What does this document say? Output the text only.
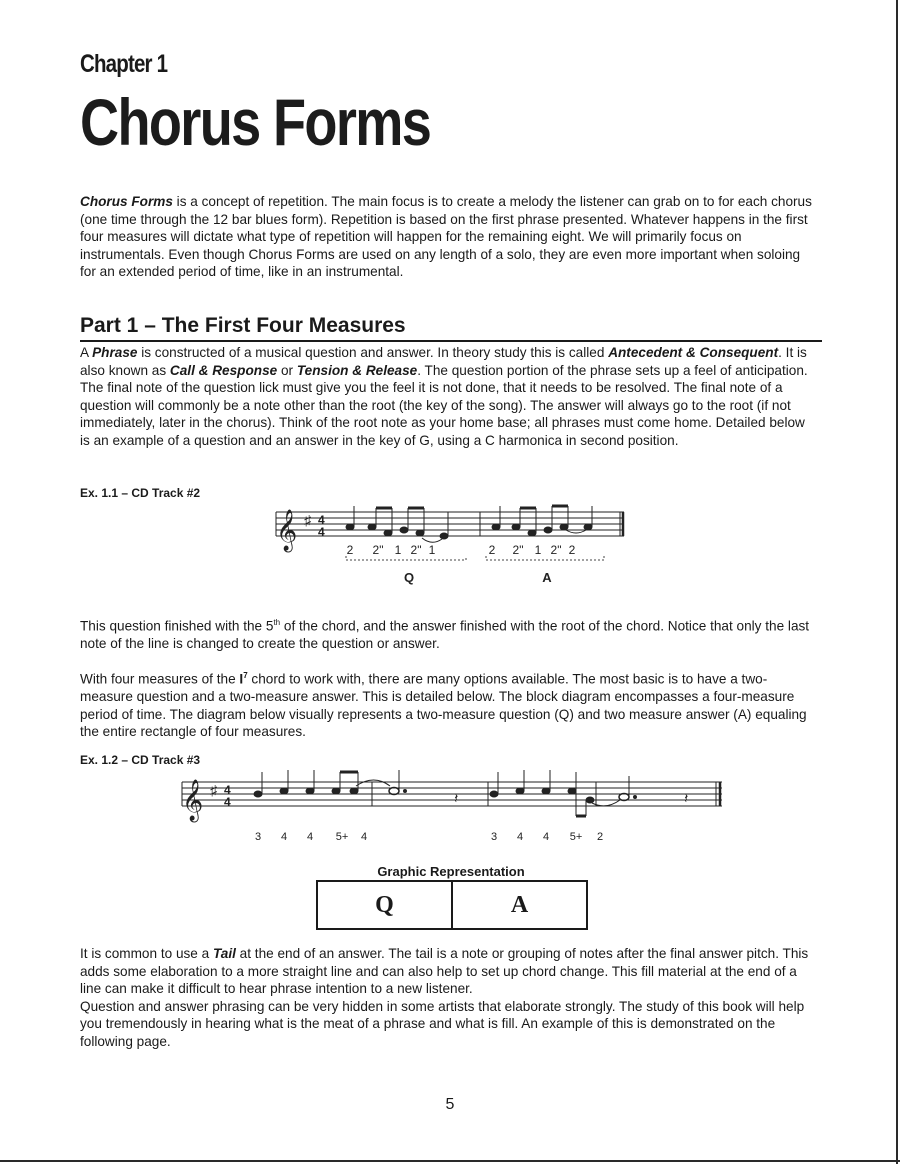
Chapter 1
Chorus Forms

Chorus Forms is a concept of repetition. The main focus is to create a melody the listener can grab on to for each chorus (one time through the 12 bar blues form). Repetition is based on the first phrase presented. Whatever happens in the first four measures will dictate what type of repetition will happen for the remaining eight. We will primarily focus on instrumentals. Even though Chorus Forms are used on any length of a solo, they are even more important when soloing for an extended period of time, like in an instrumental.

Part 1 – The First Four Measures

A Phrase is constructed of a musical question and answer. In theory study this is called Antecedent & Consequent. It is also known as Call & Response or Tension & Release. The question portion of the phrase sets up a feel of anticipation. The final note of the question lick must give you the feel it is not done, that it needs to be resolved. The final note of a question will commonly be a note other than the root (the key of the song). The answer will always go to the root (if not immediately, later in the chorus). Think of the root note as your home base; all phrases must come home. Detailed below is an example of a question and an answer in the key of G, using a C harmonica in second position.

Ex. 1.1 – CD Track #2
𝄞 ♯ 4
4
2 2" 1 2" 1	2 2" 1 2" 2
Q	A

This question finished with the 5th of the chord, and the answer finished with the root of the chord. Notice that only the last note of the line is changed to create the question or answer.

With four measures of the $I^7$ chord to work with, there are many options available. The most basic is to have a two-measure question and a two-measure answer. This is detailed below. The block diagram encompasses a four-measure period of time. The diagram below visually represents a two-measure question (Q) and two measure answer (A) equaling the entire rectangle of four measures.

Ex. 1.2 – CD Track #3
𝄞 ♯ 4
4	𝄽	𝄽
3 4 4 5+ 4	3 4 4 5+ 2
Graphic Representation
Q	A

It is common to use a Tail at the end of an answer. The tail is a note or grouping of notes after the final answer pitch. This adds some elaboration to a more straight line and can also help to set up chord change. This fill material at the end of a line can make it difficult to hear phrase intention to a new listener.
Question and answer phrasing can be very hidden in some artists that elaborate strongly. The study of this book will help you tremendously in hearing what is the meat of a phrase and what is fill. An example of this is demonstrated on the following page.

5
